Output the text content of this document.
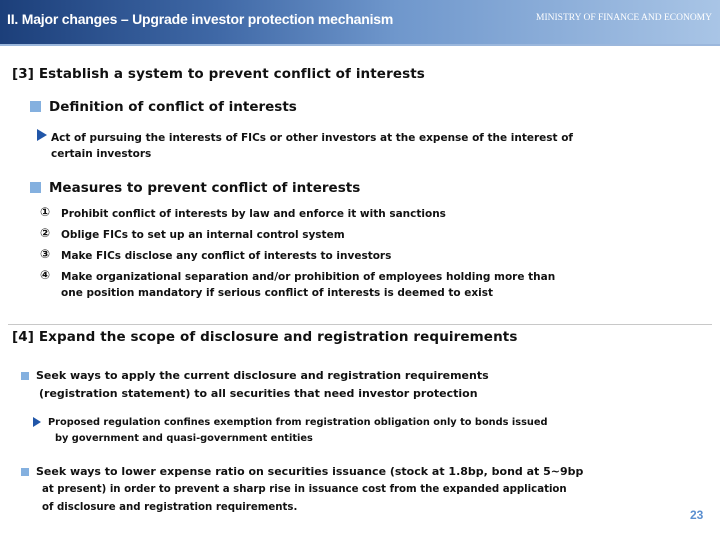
II. Major changes – Upgrade investor protection mechanism	MINISTRY OF FINANCE AND ECONOMY
[3] Establish a system to prevent conflict of interests
Definition of conflict of interests
Act of pursuing the interests of FICs or other investors at the expense of the interest of
certain investors
Measures to prevent conflict of interests
① Prohibit conflict of interests by law and enforce it with sanctions
② Oblige FICs to set up an internal control system
③ Make FICs disclose any conflict of interests to investors
④ Make organizational separation and/or prohibition of employees holding more than
one position mandatory if serious conflict of interests is deemed to exist
[4] Expand the scope of disclosure and registration requirements
Seek ways to apply the current disclosure and registration requirements
(registration statement) to all securities that need investor protection
Proposed regulation confines exemption from registration obligation only to bonds issued
by government and quasi-government entities
Seek ways to lower expense ratio on securities issuance (stock at 1.8bp, bond at 5~9bp
at present) in order to prevent a sharp rise in issuance cost from the expanded application
of disclosure and registration requirements.
23
